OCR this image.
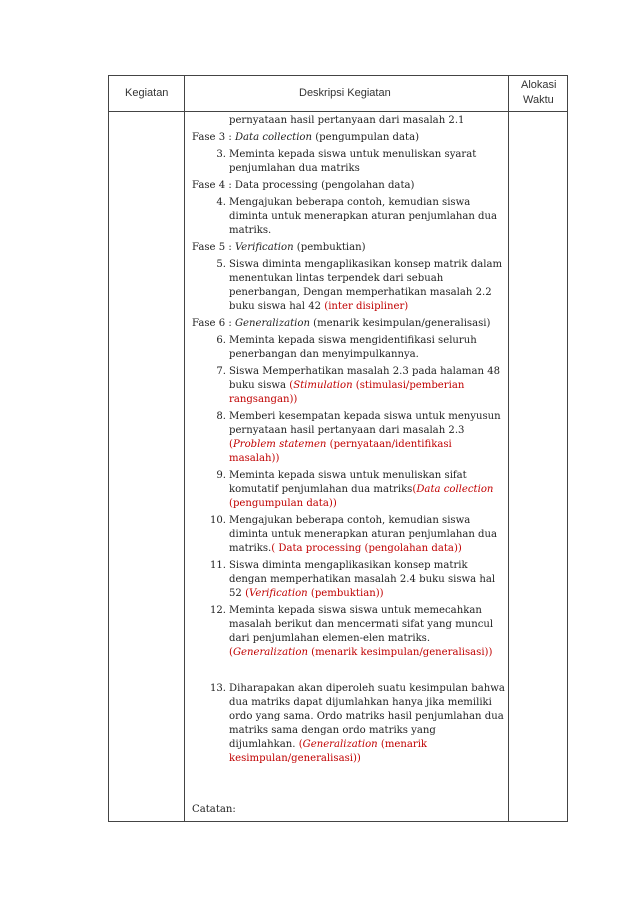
Kegiatan	Deskripsi Kegiatan
Alokasi
Waktu
pernyataan hasil pertanyaan dari masalah 2.1
Fase 3 : Data collection (pengumpulan data)
3. Meminta kepada siswa untuk menuliskan syarat penjumlahan dua matriks
Fase 4 : Data processing (pengolahan data)
4. Mengajukan beberapa contoh, kemudian siswa diminta untuk menerapkan aturan penjumlahan dua matriks.
Fase 5 : Verification (pembuktian)
5. Siswa diminta mengaplikasikan konsep matrik dalam menentukan lintas terpendek dari sebuah penerbangan, Dengan memperhatikan masalah 2.2 buku siswa hal 42 (inter disipliner)
Fase 6 : Generalization (menarik kesimpulan/generalisasi)
6. Meminta kepada siswa mengidentifikasi seluruh penerbangan dan menyimpulkannya.
7. Siswa Memperhatikan masalah 2.3 pada halaman 48 buku siswa (Stimulation (stimulasi/pemberian rangsangan))
8. Memberi kesempatan kepada siswa untuk menyusun pernyataan hasil pertanyaan dari masalah 2.3 (Problem statemen (pernyataan/identifikasi masalah))
9. Meminta kepada siswa untuk menuliskan sifat komutatif penjumlahan dua matriks(Data collection (pengumpulan data))
10. Mengajukan beberapa contoh, kemudian siswa diminta untuk menerapkan aturan penjumlahan dua matriks.( Data processing (pengolahan data))
11. Siswa diminta mengaplikasikan konsep matrik dengan memperhatikan masalah 2.4 buku siswa hal 52 (Verification (pembuktian))
12. Meminta kepada siswa siswa untuk memecahkan masalah berikut dan mencermati sifat yang muncul dari penjumlahan elemen-elen matriks. (Generalization (menarik kesimpulan/generalisasi))
13. Diharapakan akan diperoleh suatu kesimpulan bahwa dua matriks dapat dijumlahkan hanya jika memiliki ordo yang sama. Ordo matriks hasil penjumlahan dua matriks sama dengan ordo matriks yang dijumlahkan. (Generalization (menarik kesimpulan/generalisasi))
Catatan:
